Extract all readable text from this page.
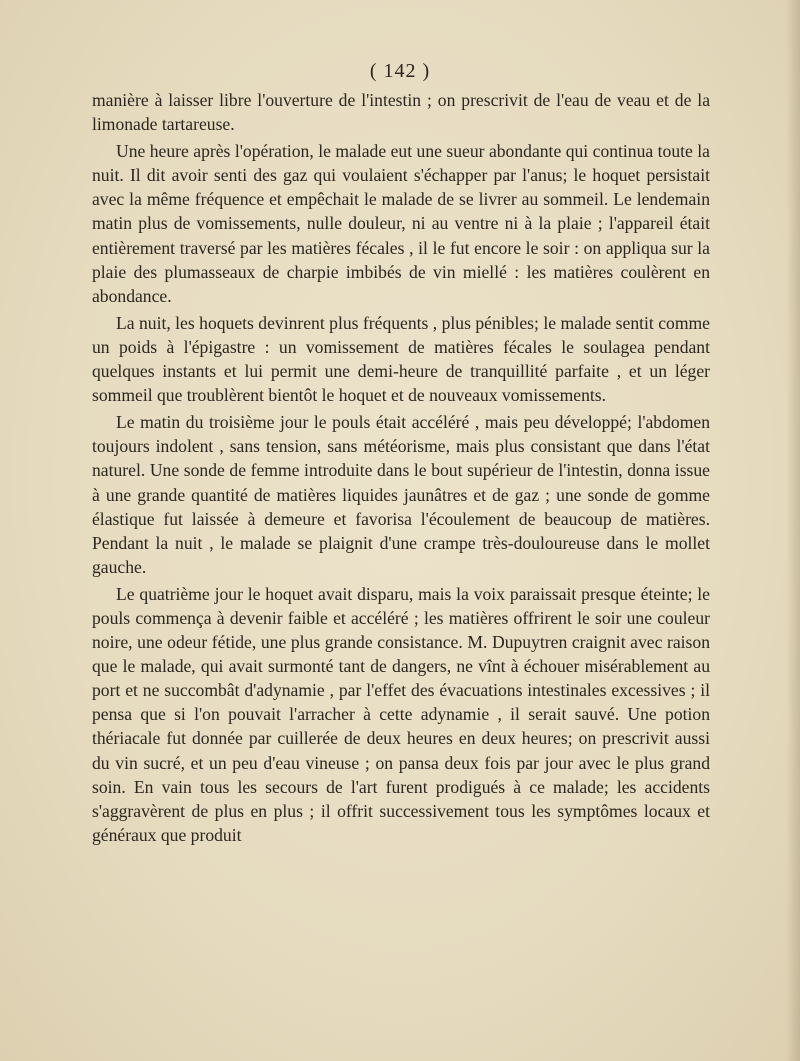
( 142 )

manière à laisser libre l'ouverture de l'intestin ; on prescrivit de l'eau de veau et de la limonade tartareuse.

Une heure après l'opération, le malade eut une sueur abondante qui continua toute la nuit. Il dit avoir senti des gaz qui voulaient s'échapper par l'anus; le hoquet persistait avec la même fréquence et empêchait le malade de se livrer au sommeil. Le lendemain matin plus de vomissements, nulle douleur, ni au ventre ni à la plaie ; l'appareil était entièrement traversé par les matières fécales , il le fut encore le soir : on appliqua sur la plaie des plumasseaux de charpie imbibés de vin miellé : les matières coulèrent en abondance.

La nuit, les hoquets devinrent plus fréquents , plus pénibles; le malade sentit comme un poids à l'épigastre : un vomissement de matières fécales le soulagea pendant quelques instants et lui permit une demi-heure de tranquillité parfaite , et un léger sommeil que troublèrent bientôt le hoquet et de nouveaux vomissements.

Le matin du troisième jour le pouls était accéléré , mais peu développé; l'abdomen toujours indolent , sans tension, sans météorisme, mais plus consistant que dans l'état naturel. Une sonde de femme introduite dans le bout supérieur de l'intestin, donna issue à une grande quantité de matières liquides jaunâtres et de gaz ; une sonde de gomme élastique fut laissée à demeure et favorisa l'écoulement de beaucoup de matières. Pendant la nuit , le malade se plaignit d'une crampe très-douloureuse dans le mollet gauche.

Le quatrième jour le hoquet avait disparu, mais la voix paraissait presque éteinte; le pouls commença à devenir faible et accéléré ; les matières offrirent le soir une couleur noire, une odeur fétide, une plus grande consistance. M. Dupuytren craignit avec raison que le malade, qui avait surmonté tant de dangers, ne vînt à échouer misérablement au port et ne succombât d'adynamie , par l'effet des évacuations intestinales excessives ; il pensa que si l'on pouvait l'arracher à cette adynamie , il serait sauvé. Une potion thériacale fut donnée par cuillerée de deux heures en deux heures; on prescrivit aussi du vin sucré, et un peu d'eau vineuse ; on pansa deux fois par jour avec le plus grand soin. En vain tous les secours de l'art furent prodigués à ce malade; les accidents s'aggravèrent de plus en plus ; il offrit successivement tous les symptômes locaux et généraux que produit
